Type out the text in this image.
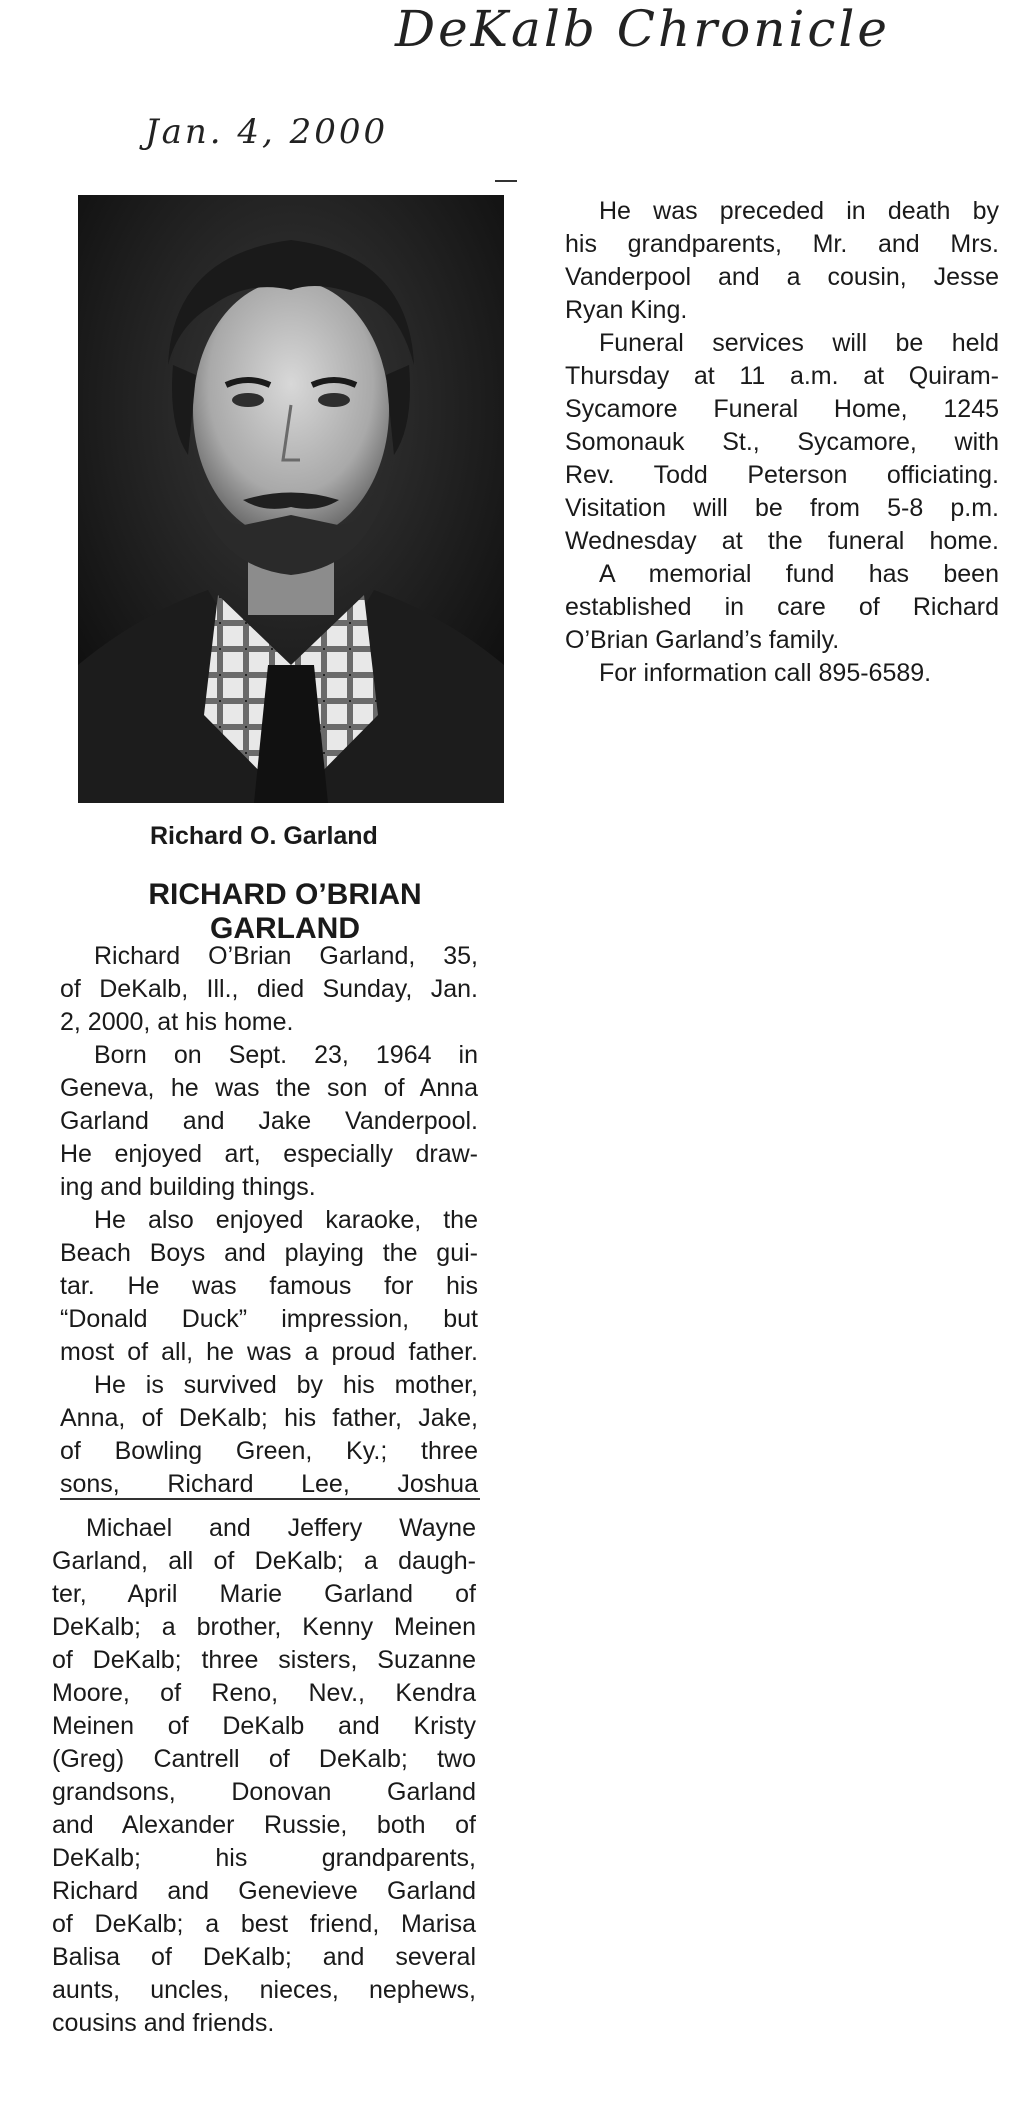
DeKalb Chronicle
Jan. 4, 2000
Richard O. Garland
RICHARD O’BRIAN
GARLAND
Richard O’Brian Garland, 35,
of DeKalb, Ill., died Sunday, Jan.
2, 2000, at his home.
Born on Sept. 23, 1964 in
Geneva, he was the son of Anna
Garland and Jake Vanderpool.
He enjoyed art, especially draw-
ing and building things.
He also enjoyed karaoke, the
Beach Boys and playing the gui-
tar. He was famous for his
“Donald Duck” impression, but
most of all, he was a proud father.
He is survived by his mother,
Anna, of DeKalb; his father, Jake,
of Bowling Green, Ky.; three
sons, Richard Lee, Joshua
Michael and Jeffery Wayne
Garland, all of DeKalb; a daugh-
ter, April Marie Garland of
DeKalb; a brother, Kenny Meinen
of DeKalb; three sisters, Suzanne
Moore, of Reno, Nev., Kendra
Meinen of DeKalb and Kristy
(Greg) Cantrell of DeKalb; two
grandsons, Donovan Garland
and Alexander Russie, both of
DeKalb; his grandparents,
Richard and Genevieve Garland
of DeKalb; a best friend, Marisa
Balisa of DeKalb; and several
aunts, uncles, nieces, nephews,
cousins and friends.
He was preceded in death by
his grandparents, Mr. and Mrs.
Vanderpool and a cousin, Jesse
Ryan King.
Funeral services will be held
Thursday at 11 a.m. at Quiram-
Sycamore Funeral Home, 1245
Somonauk St., Sycamore, with
Rev. Todd Peterson officiating.
Visitation will be from 5-8 p.m.
Wednesday at the funeral home.
A memorial fund has been
established in care of Richard
O’Brian Garland’s family.
For information call 895-6589.
